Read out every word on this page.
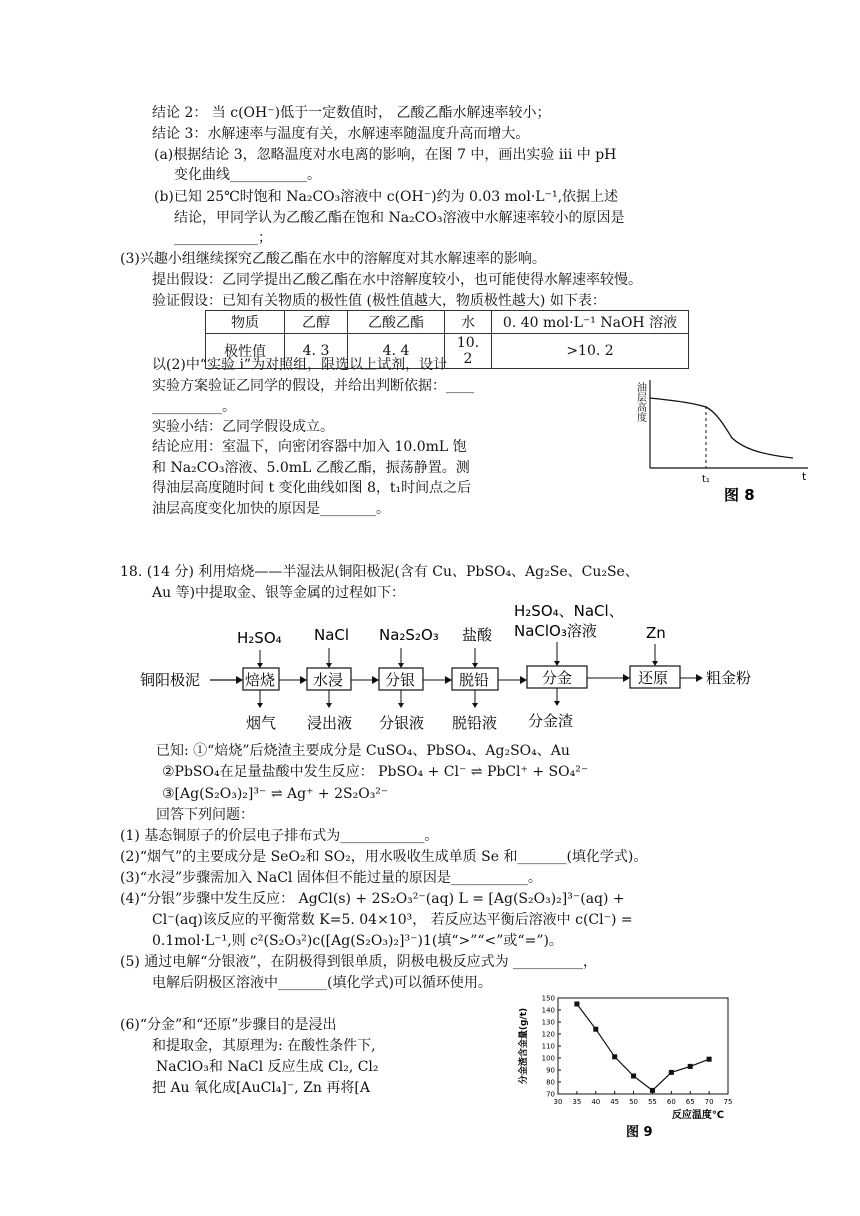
结论 2： 当 c(OH⁻)低于一定数值时， 乙酸乙酯水解速率较小；
结论 3：水解速率与温度有关，水解速率随温度升高而增大。
(a)根据结论 3，忽略温度对水电离的影响，在图 7 中，画出实验 iii 中 pH
变化曲线___________。
(b)已知 25℃时饱和 Na₂CO₃溶液中 c(OH⁻)约为 0.03 mol·L⁻¹,依据上述
结论，甲同学认为乙酸乙酯在饱和 Na₂CO₃溶液中水解速率较小的原因是
____________；
(3)兴趣小组继续探究乙酸乙酯在水中的溶解度对其水解速率的影响。
提出假设：乙同学提出乙酸乙酯在水中溶解度较小，也可能使得水解速率较慢。
验证假设：已知有关物质的极性值 (极性值越大，物质极性越大) 如下表：
物质	乙醇	乙酸乙酯	水	0. 40 mol·L⁻¹ NaOH 溶液
极性值	4. 3	4. 4	10. 2	>10. 2
以(2)中“实验 i”为对照组，限选以上试剂，设计
实验方案验证乙同学的假设，并给出判断依据：____
__________。
实验小结：乙同学假设成立。
结论应用：室温下，向密闭容器中加入 10.0mL 饱
和 Na₂CO₃溶液、5.0mL 乙酸乙酯，振荡静置。测
得油层高度随时间 t 变化曲线如图 8，t₁时间点之后
油层高度变化加快的原因是________。
油层高度
t
t₁
图 8
18. (14 分) 利用焙烧——半湿法从铜阳极泥(含有 Cu、PbSO₄、Ag₂Se、Cu₂Se、
Au 等)中提取金、银等金属的过程如下：
铜阳极泥	焙烧
H₂SO₄
烟气
水浸
NaCl
浸出液
分银
Na₂S₂O₃
分银液
脱铅
盐酸
脱铅液
分金
H₂SO₄、NaCl、
NaClO₃溶液
分金渣
还原
Zn
粗金粉
已知: ①“焙烧”后烧渣主要成分是 CuSO₄、PbSO₄、Ag₂SO₄、Au
②PbSO₄在足量盐酸中发生反应： PbSO₄ + Cl⁻ ⇌ PbCl⁺ + SO₄²⁻
③[Ag(S₂O₃)₂]³⁻ ⇌ Ag⁺ + 2S₂O₃²⁻
回答下列问题：
(1) 基态铜原子的价层电子排布式为____________。
(2)“烟气”的主要成分是 SeO₂和 SO₂，用水吸收生成单质 Se 和_______(填化学式)。
(3)“水浸”步骤需加入 NaCl 固体但不能过量的原因是___________。
(4)“分银”步骤中发生反应： AgCl(s) + 2S₂O₃²⁻(aq) L = [Ag(S₂O₃)₂]³⁻(aq) +
Cl⁻(aq)该反应的平衡常数 K=5. 04×10³， 若反应达平衡后溶液中 c(Cl⁻) =
0.1mol·L⁻¹,则 c²(S₂O₃²)c([Ag(S₂O₃)₂]³⁻)1(填“>”“<”或“=”)。
(5) 通过电解“分银液”，在阴极得到银单质，阴极电极反应式为 __________，
电解后阴极区溶液中_______(填化学式)可以循环使用。
(6)“分金”和“还原”步骤目的是浸出
和提取金，其原理为: 在酸性条件下,
NaClO₃和 NaCl 反应生成 Cl₂, Cl₂
把 Au 氧化成[AuCl₄]⁻, Zn 再将[A
30 35 40 45 50 55 60 65 70 75
70
80
90
100
110
120
130
140
150
反应温度℃
分金渣含金量(g/t)
图 9
